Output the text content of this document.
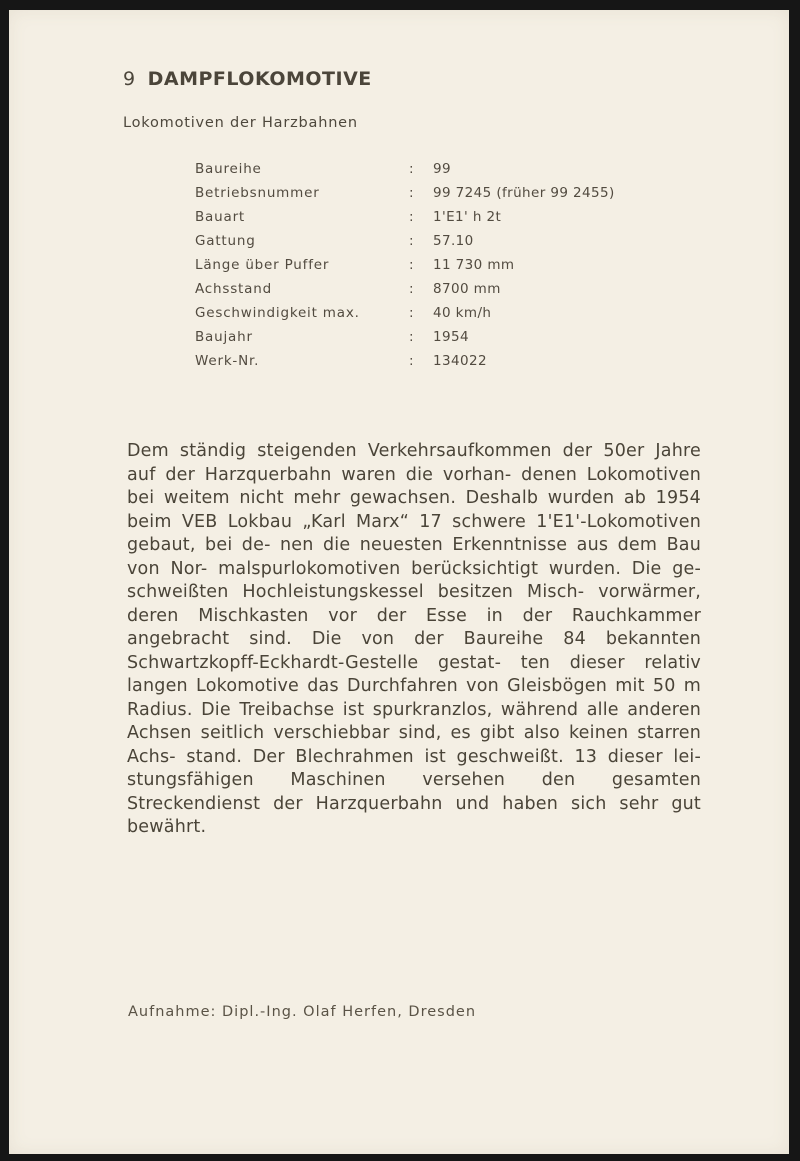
9 DAMPFLOKOMOTIVE
Lokomotiven der Harzbahnen
Baureihe	:	99
Betriebsnummer	:	99 7245 (früher 99 2455)
Bauart	:	1'E1' h 2t
Gattung	:	57.10
Länge über Puffer	:	11 730 mm
Achsstand	:	8700 mm
Geschwindigkeit max.	:	40 km/h
Baujahr	:	1954
Werk-Nr.	:	134022

Dem ständig steigenden Verkehrsaufkommen der 50er Jahre auf der Harzquerbahn waren die vorhan- denen Lokomotiven bei weitem nicht mehr gewachsen. Deshalb wurden ab 1954 beim VEB Lokbau „Karl Marx“ 17 schwere 1'E1'-Lokomotiven gebaut, bei de- nen die neuesten Erkenntnisse aus dem Bau von Nor- malspurlokomotiven berücksichtigt wurden. Die ge- schweißten Hochleistungskessel besitzen Misch- vorwärmer, deren Mischkasten vor der Esse in der Rauchkammer angebracht sind. Die von der Baureihe 84 bekannten Schwartzkopff-Eckhardt-Gestelle gestat- ten dieser relativ langen Lokomotive das Durchfahren von Gleisbögen mit 50 m Radius. Die Treibachse ist spurkranzlos, während alle anderen Achsen seitlich verschiebbar sind, es gibt also keinen starren Achs- stand. Der Blechrahmen ist geschweißt. 13 dieser lei- stungsfähigen Maschinen versehen den gesamten Streckendienst der Harzquerbahn und haben sich sehr gut bewährt.

Aufnahme: Dipl.-Ing. Olaf Herfen, Dresden
